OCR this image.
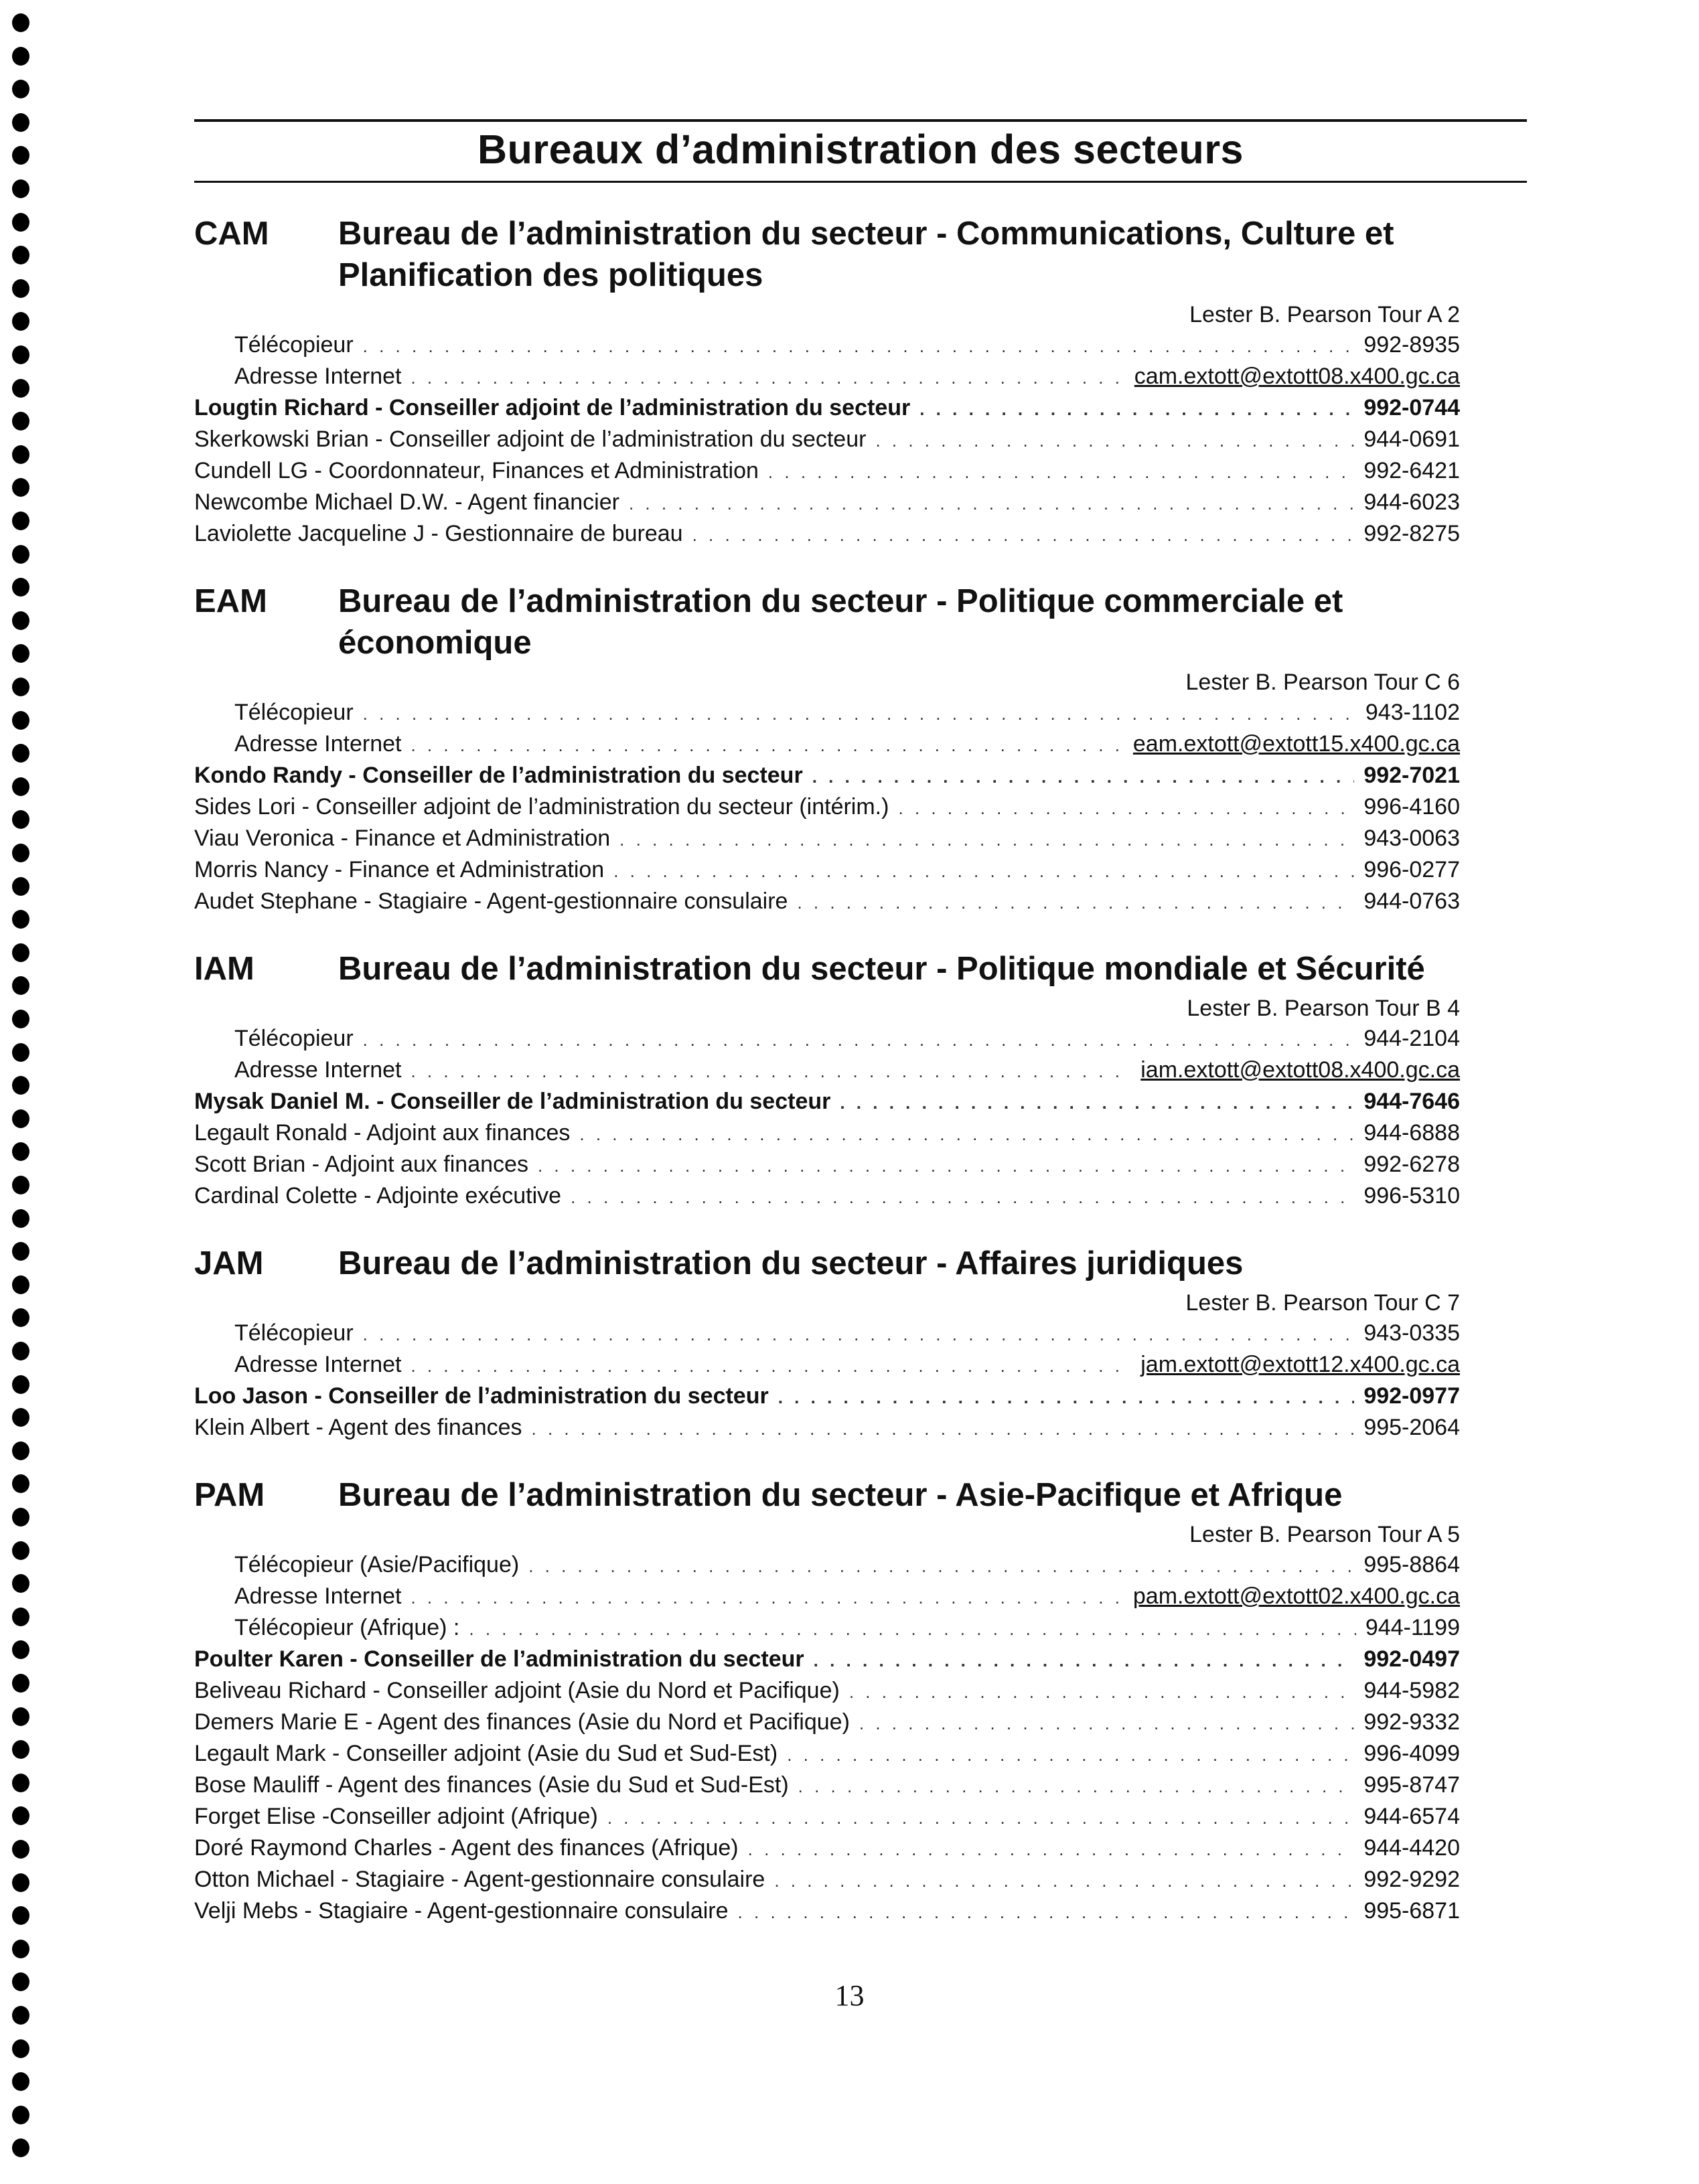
Bureaux d’administration des secteurs
CAM	Bureau de l’administration du secteur - Communications, Culture et Planification des politiques
Lester B. Pearson Tour A 2
Télécopieur . . .	992-8935
Adresse Internet . . .	cam.extott@extott08.x400.gc.ca
Lougtin Richard - Conseiller adjoint de l’administration du secteur . . .	992-0744
Skerkowski Brian - Conseiller adjoint de l’administration du secteur . . .	944-0691
Cundell LG - Coordonnateur, Finances et Administration . . .	992-6421
Newcombe Michael D.W. - Agent financier . . .	944-6023
Laviolette Jacqueline J - Gestionnaire de bureau . . .	992-8275
EAM	Bureau de l’administration du secteur - Politique commerciale et économique
Lester B. Pearson Tour C 6
Télécopieur . . .	943-1102
Adresse Internet . . .	eam.extott@extott15.x400.gc.ca
Kondo Randy - Conseiller de l’administration du secteur . . .	992-7021
Sides Lori - Conseiller adjoint de l’administration du secteur (intérim.) . . .	996-4160
Viau Veronica - Finance et Administration . . .	943-0063
Morris Nancy - Finance et Administration . . .	996-0277
Audet Stephane - Stagiaire - Agent-gestionnaire consulaire . . .	944-0763
IAM	Bureau de l’administration du secteur - Politique mondiale et Sécurité
Lester B. Pearson Tour B 4
Télécopieur . . .	944-2104
Adresse Internet . . .	iam.extott@extott08.x400.gc.ca
Mysak Daniel M. - Conseiller de l’administration du secteur . . .	944-7646
Legault Ronald - Adjoint aux finances . . .	944-6888
Scott Brian - Adjoint aux finances . . .	992-6278
Cardinal Colette - Adjointe exécutive . . .	996-5310
JAM	Bureau de l’administration du secteur - Affaires juridiques
Lester B. Pearson Tour C 7
Télécopieur . . .	943-0335
Adresse Internet . . .	jam.extott@extott12.x400.gc.ca
Loo Jason - Conseiller de l’administration du secteur . . .	992-0977
Klein Albert - Agent des finances . . .	995-2064
PAM	Bureau de l’administration du secteur - Asie-Pacifique et Afrique
Lester B. Pearson Tour A 5
Télécopieur (Asie/Pacifique) . . .	995-8864
Adresse Internet . . .	pam.extott@extott02.x400.gc.ca
Télécopieur (Afrique) : . . .	944-1199
Poulter Karen - Conseiller de l’administration du secteur . . .	992-0497
Beliveau Richard - Conseiller adjoint (Asie du Nord et Pacifique) . . .	944-5982
Demers Marie E - Agent des finances (Asie du Nord et Pacifique) . . .	992-9332
Legault Mark - Conseiller adjoint (Asie du Sud et Sud-Est) . . .	996-4099
Bose Mauliff - Agent des finances (Asie du Sud et Sud-Est) . . .	995-8747
Forget Elise -Conseiller adjoint (Afrique) . . .	944-6574
Doré Raymond Charles - Agent des finances (Afrique) . . .	944-4420
Otton Michael - Stagiaire - Agent-gestionnaire consulaire . . .	992-9292
Velji Mebs - Stagiaire - Agent-gestionnaire consulaire . . .	995-6871
13
